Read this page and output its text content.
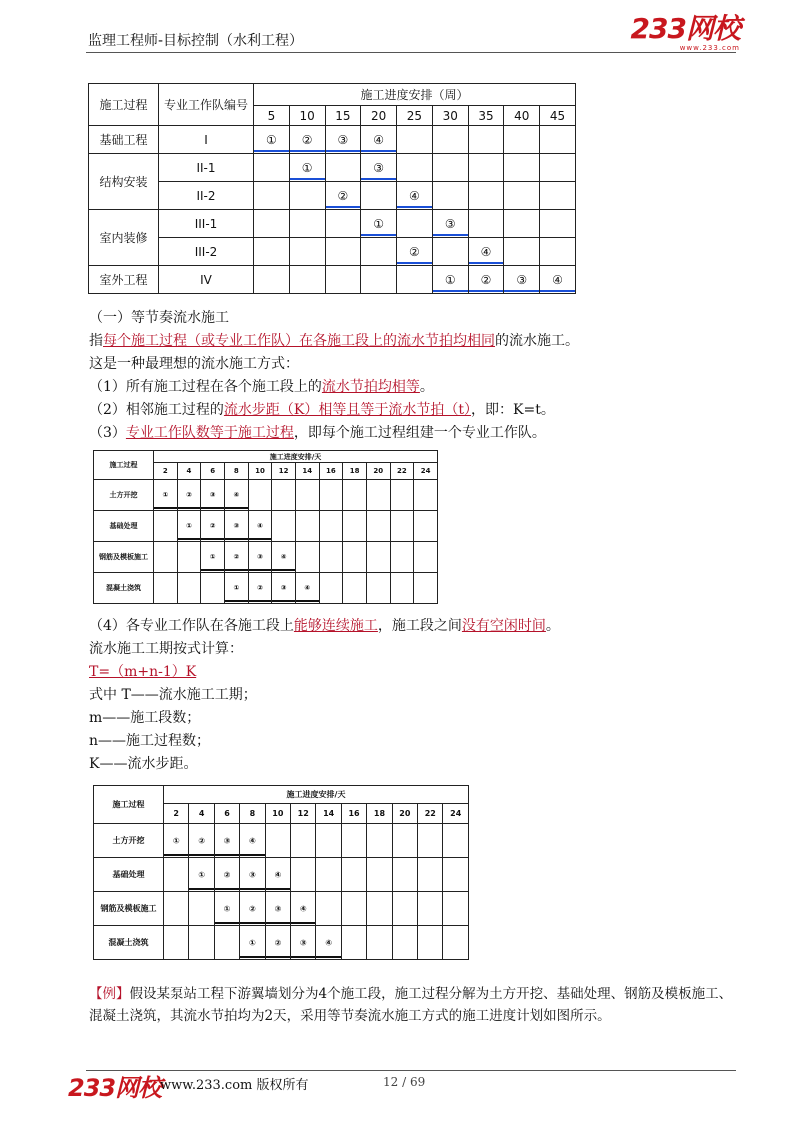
监理工程师-目标控制（水利工程）	233网校
www.233.com
施工过程	专业工作队编号	施工进度安排（周）								
		5	10	15	20	25	30	35	40	45
基础工程	I	①	②	③	④					

结构安装	II-1		①		③					

	II-2			②		④				

室内装修	III-1				①		③			

	III-2					②		④		

室外工程	IV						①	②	③	④
（一）等节奏流水施工
指每个施工过程（或专业工作队）在各施工段上的流水节拍均相同的流水施工。
这是一种最理想的流水施工方式：
（1）所有施工过程在各个施工段上的流水节拍均相等。
（2）相邻施工过程的流水步距（K）相等且等于流水节拍（t），即：K=t。
（3）专业工作队数等于施工过程，即每个施工过程组建一个专业工作队。
施工过程	施工进度安排/天											
	2	4	6	8	10	12	14	16	18	20	22	24
土方开挖	①	②	③	④								

基础处理		①	②	③	④							

钢筋及模板施工			①	②	③	④						

混凝土浇筑				①	②	③	④					

（4）各专业工作队在各施工段上能够连续施工，施工段之间没有空闲时间。
流水施工工期按式计算：
T=（m+n-1）K
式中 T——流水施工工期；
m——施工段数；
n——施工过程数；
K——流水步距。
施工过程	施工进度安排/天											
	2	4	6	8	10	12	14	16	18	20	22	24
土方开挖	①	②	③	④								

基础处理		①	②	③	④							

钢筋及模板施工			①	②	③	④						

混凝土浇筑				①	②	③	④					

【例】假设某泵站工程下游翼墙划分为4个施工段，施工过程分解为土方开挖、基础处理、钢筋及模板施工、混凝土浇筑，其流水节拍均为2天，采用等节奏流水施工方式的施工进度计划如图所示。
233网校
www.233.com 版权所有	12 / 69
